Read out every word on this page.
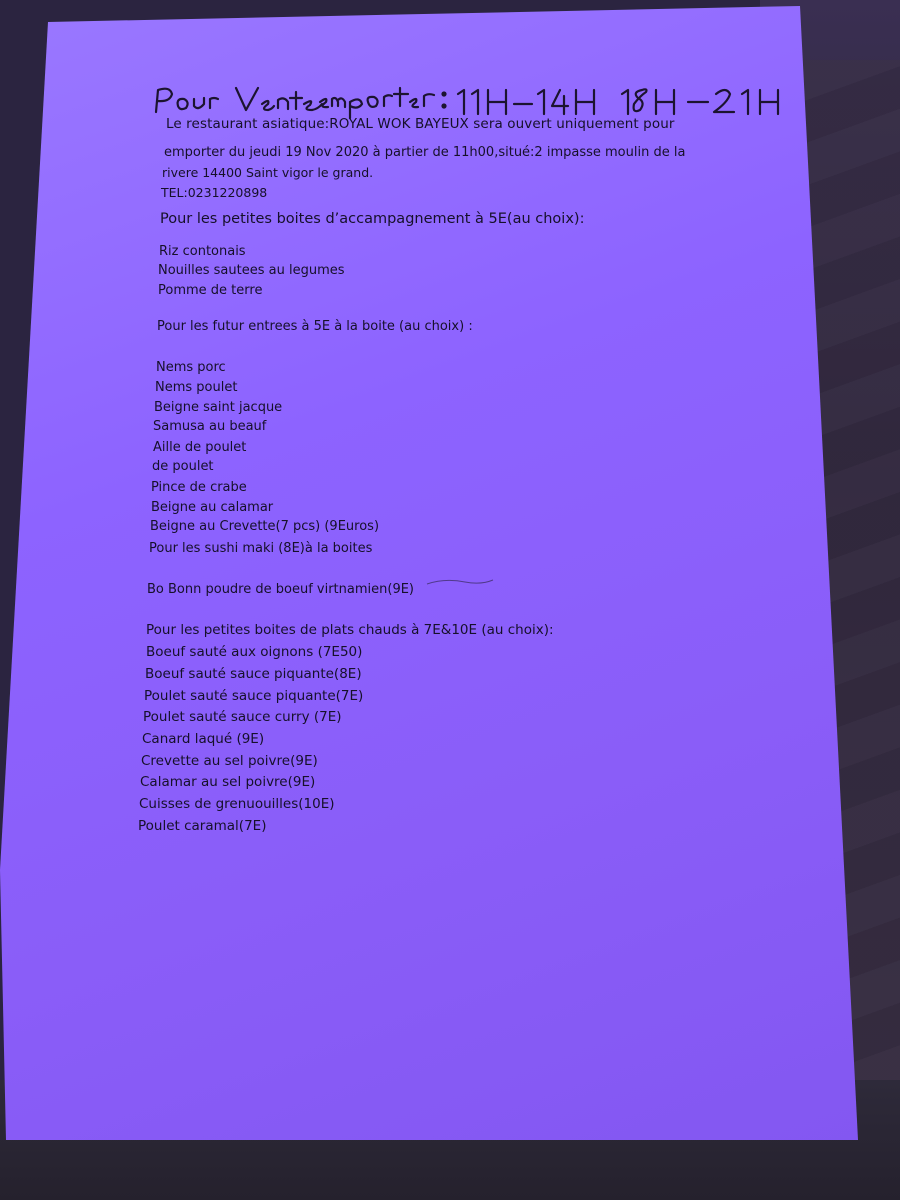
Le restaurant asiatique:ROYAL WOK BAYEUX sera ouvert uniquement pour
emporter du jeudi 19 Nov 2020 à partier de 11h00,situé:2 impasse moulin de la
rivere 14400 Saint vigor le grand.
TEL:0231220898
Pour les petites boites d’accampagnement à 5E(au choix):
Riz contonais
Nouilles sautees au legumes
Pomme de terre
Pour les futur entrees à 5E à la boite (au choix) :
Nems porc
Nems poulet
Beigne saint jacque
Samusa au beauf
Aille de poulet
de poulet
Pince de crabe
Beigne au calamar
Beigne au Crevette(7 pcs) (9Euros)
Pour les sushi maki (8E)à la boites
Bo Bonn poudre de boeuf virtnamien(9E)
Pour les petites boites de plats chauds à 7E&10E (au choix):
Boeuf sauté aux oignons (7E50)
Boeuf sauté sauce piquante(8E)
Poulet sauté sauce piquante(7E)
Poulet sauté sauce curry (7E)
Canard laqué (9E)
Crevette au sel poivre(9E)
Calamar au sel poivre(9E)
Cuisses de grenuouilles(10E)
Poulet caramal(7E)
